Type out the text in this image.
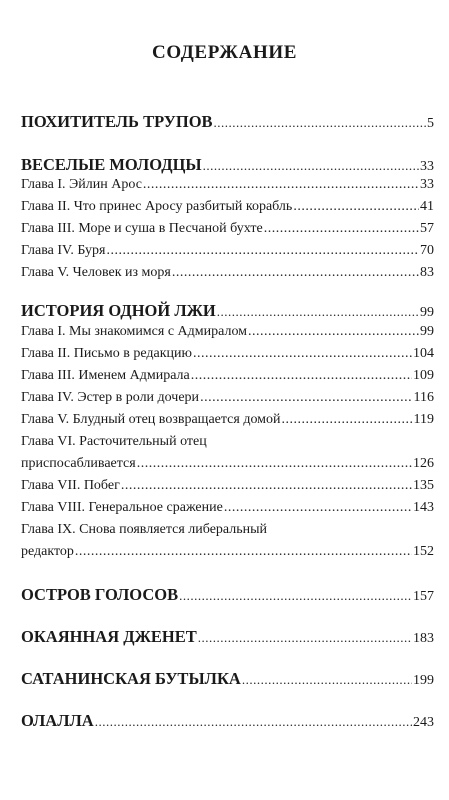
СОДЕРЖАНИЕ
ПОХИТИТЕЛЬ ТРУПОВ .....	5
ВЕСЕЛЫЕ МОЛОДЦЫ .....	33
Глава I. Эйлин Арос .....	33
Глава II. Что принес Аросу разбитый корабль .....	41
Глава III. Море и суша в Песчаной бухте .....	57
Глава IV. Буря .....	70
Глава V. Человек из моря .....	83
ИСТОРИЯ ОДНОЙ ЛЖИ .....	99
Глава I. Мы знакомимся с Адмиралом .....	99
Глава II. Письмо в редакцию .....	104
Глава III. Именем Адмирала .....	109
Глава IV. Эстер в роли дочери .....	116
Глава V. Блудный отец возвращается домой .....	119
Глава VI. Расточительный отец
приспосабливается .....	126
Глава VII. Побег .....	135
Глава VIII. Генеральное сражение .....	143
Глава IX. Снова появляется либеральный
редактор .....	152
ОСТРОВ ГОЛОСОВ .....	157
ОКАЯННАЯ ДЖЕНЕТ .....	183
САТАНИНСКАЯ БУТЫЛКА .....	199
ОЛАЛЛА .....	243
